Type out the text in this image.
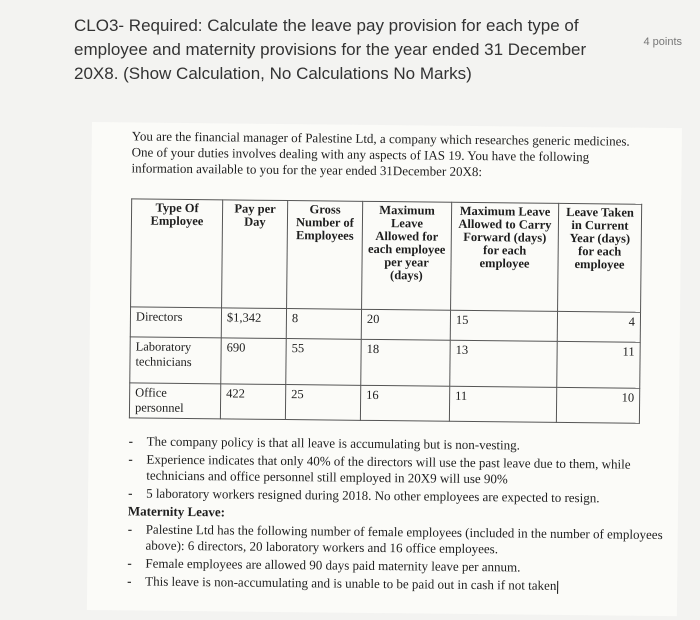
CLO3- Required: Calculate the leave pay provision for each type of employee and maternity provisions for the year ended 31 December 20X8. (Show Calculation, No Calculations No Marks)
4 points
You are the financial manager of Palestine Ltd, a company which researches generic medicines.
One of your duties involves dealing with any aspects of IAS 19. You have the following
information available to you for the year ended 31December 20X8:
Type Of Employee	Pay per Day	Gross Number of Employees	Maximum Leave Allowed for each employee per year (days)	Maximum Leave Allowed to Carry Forward (days) for each employee	Leave Taken in Current Year (days) for each employee
Directors	$1,342	8	20	15	4
Laboratory technicians	690	55	18	13	11
Office personnel	422	25	16	11	10
- The company policy is that all leave is accumulating but is non-vesting.
- Experience indicates that only 40% of the directors will use the past leave due to them, while technicians and office personnel still employed in 20X9 will use 90%
- 5 laboratory workers resigned during 2018. No other employees are expected to resign.
Maternity Leave:
- Palestine Ltd has the following number of female employees (included in the number of employees above): 6 directors, 20 laboratory workers and 16 office employees.
- Female employees are allowed 90 days paid maternity leave per annum.
- This leave is non-accumulating and is unable to be paid out in cash if not taken
